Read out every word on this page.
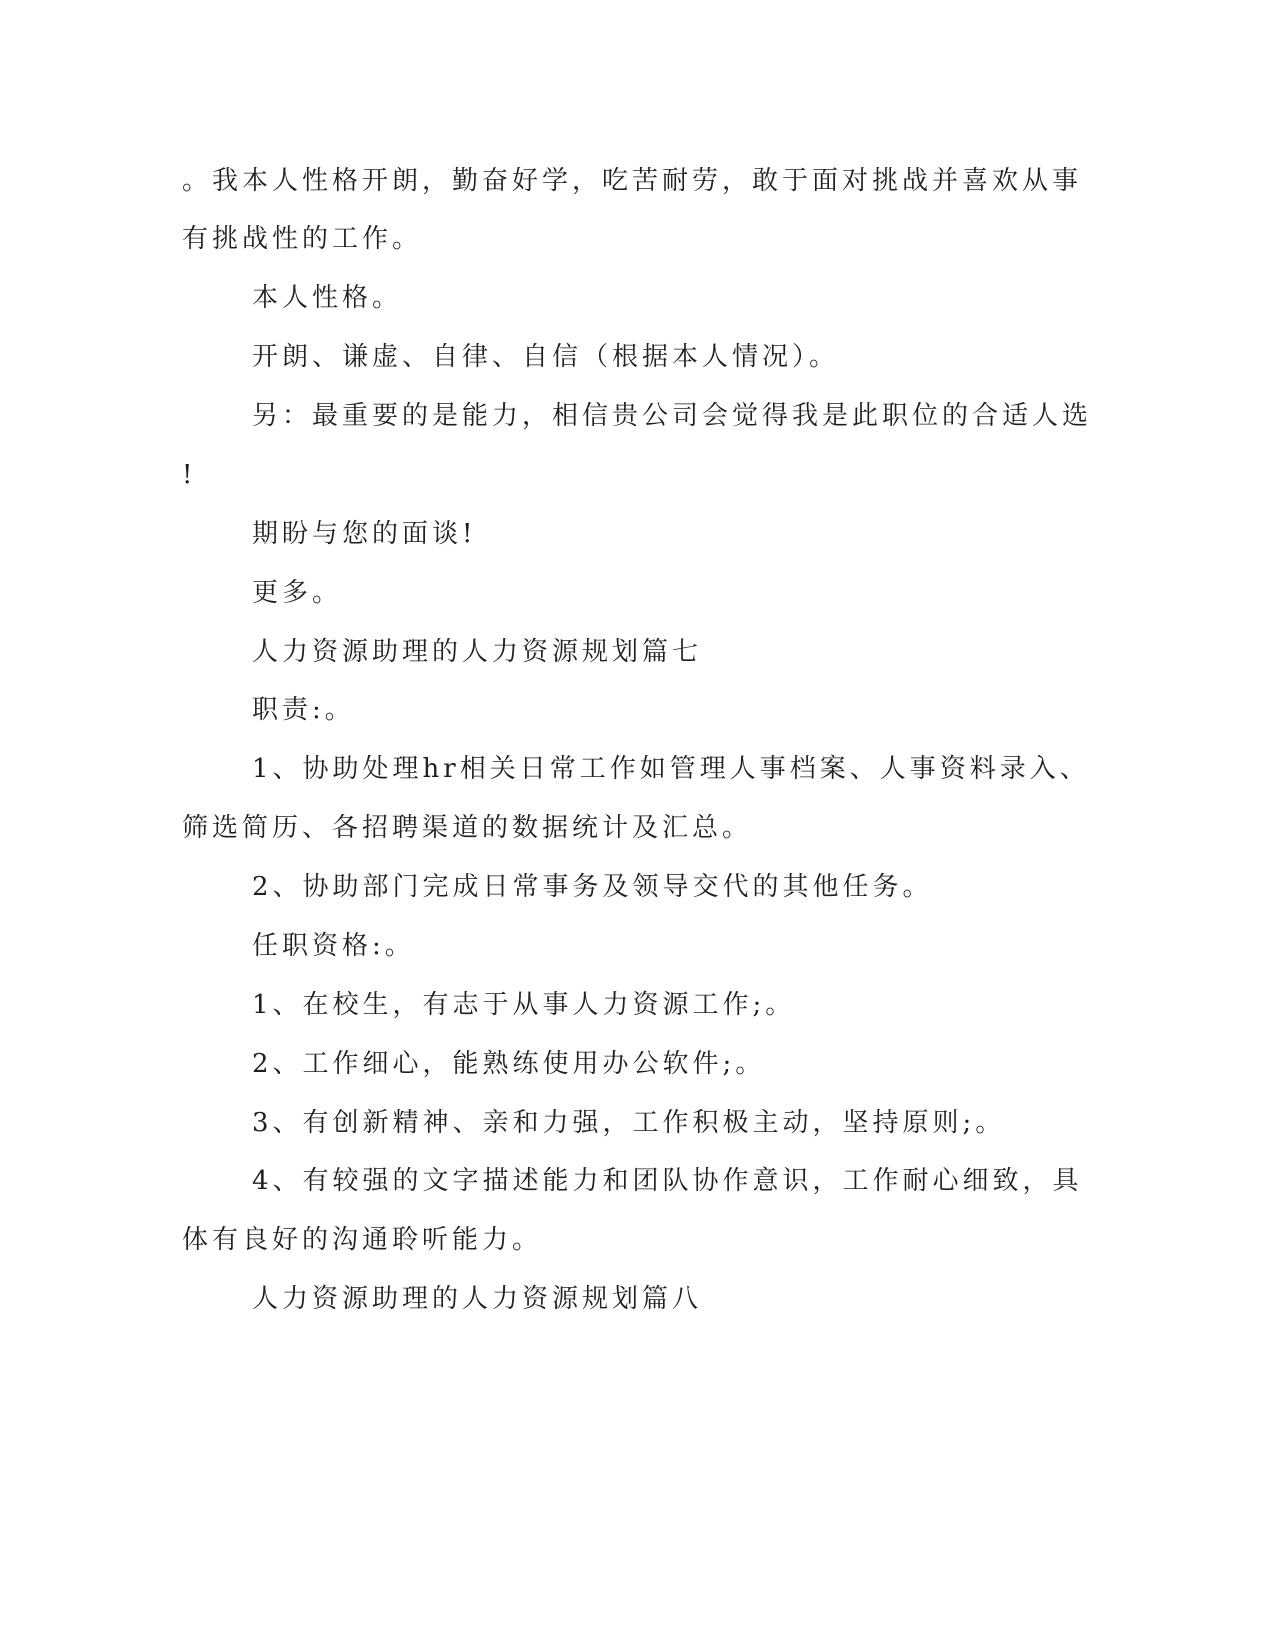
。我本人性格开朗，勤奋好学，吃苦耐劳，敢于面对挑战并喜欢从事

有挑战性的工作。

本人性格。

开朗、谦虚、自律、自信（根据本人情况）。

另：最重要的是能力，相信贵公司会觉得我是此职位的合适人选

!

期盼与您的面谈!

更多。

人力资源助理的人力资源规划篇七

职责:。

1、协助处理hr相关日常工作如管理人事档案、人事资料录入、

筛选简历、各招聘渠道的数据统计及汇总。

2、协助部门完成日常事务及领导交代的其他任务。

任职资格:。

1、在校生，有志于从事人力资源工作;。

2、工作细心，能熟练使用办公软件;。

3、有创新精神、亲和力强，工作积极主动，坚持原则;。

4、有较强的文字描述能力和团队协作意识，工作耐心细致，具

体有良好的沟通聆听能力。

人力资源助理的人力资源规划篇八
